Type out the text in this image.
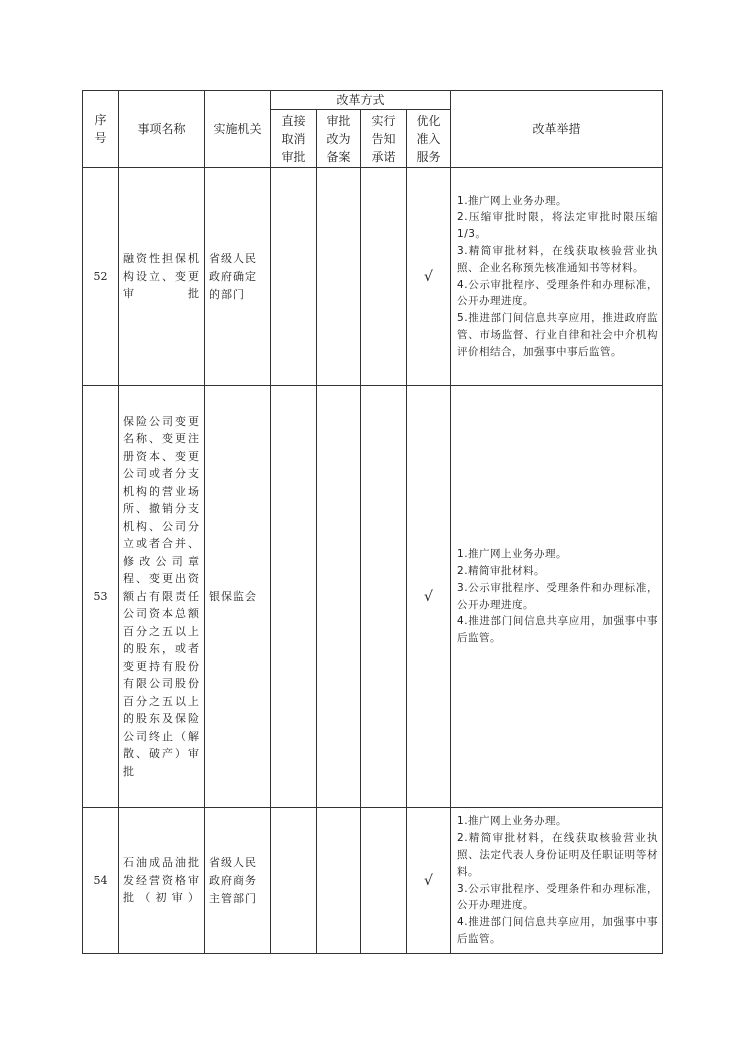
序
号	事项名称	实施机关	改革方式				改革举措

			直接
取消
审批	审批
改为
备案	实行
告知
承诺	优化
准入
服务	

52	融资性担保机构设立、变更审批	省级人民政府确定的部门				√	1.推广网上业务办理。
2.压缩审批时限，将法定审批时限压缩1/3。
3.精简审批材料，在线获取核验营业执照、企业名称预先核准通知书等材料。
4.公示审批程序、受理条件和办理标准，公开办理进度。
5.推进部门间信息共享应用，推进政府监管、市场监督、行业自律和社会中介机构评价相结合，加强事中事后监管。

53	保险公司变更名称、变更注册资本、变更公司或者分支机构的营业场所、撤销分支机构、公司分立或者合并、修改公司章程、变更出资额占有限责任公司资本总额百分之五以上的股东，或者变更持有股份有限公司股份百分之五以上的股东及保险公司终止（解散、破产）审批	银保监会				√	1.推广网上业务办理。
2.精简审批材料。
3.公示审批程序、受理条件和办理标准，公开办理进度。
4.推进部门间信息共享应用，加强事中事后监管。

54	石油成品油批发经营资格审批（初审）	省级人民政府商务主管部门				√	1.推广网上业务办理。
2.精简审批材料，在线获取核验营业执照、法定代表人身份证明及任职证明等材料。
3.公示审批程序、受理条件和办理标准，公开办理进度。
4.推进部门间信息共享应用，加强事中事后监管。
